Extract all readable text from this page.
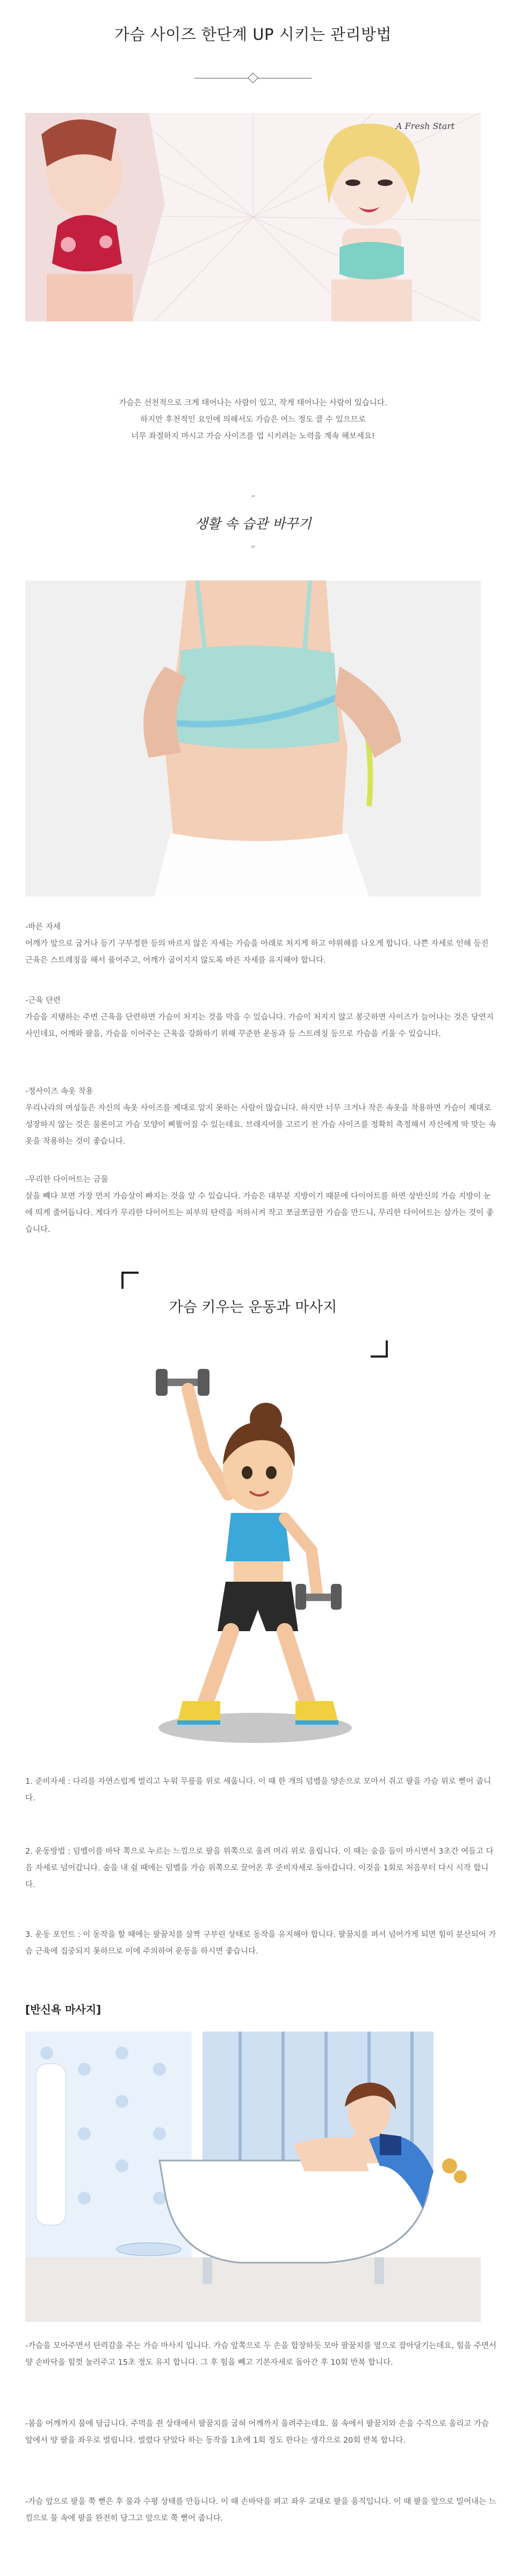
가슴 사이즈 한단계 UP 시키는 관리방법
A Fresh Start
가슴은 선천적으로 크게 태어나는 사람이 있고, 작게 태어나는 사람이 있습니다.
하지만 후천적인 요인에 의해서도 가슴은 어느 정도 클 수 있으므로
너무 좌절하지 마시고 가슴 사이즈를 업 시키려는 노력을 계속 해보세요!
“
생활 속 습관 바꾸기
”
-바른 자세
어깨가 앞으로 굽거나 등기 구부정한 등의 바르지 않은 자세는 가슴을 아래로 처지게 하고 야위해를 나오게 합니다. 나쁜 자세로 인해 등진 근육은 스트레칭을 해서 풀어주고, 어깨가 굽어지지 않도록 바른 자세를 유지해야 합니다.
-근육 단련
가슴을 지탱하는 주변 근육을 단련하면 가슴이 처지는 것을 막을 수 있습니다. 가슴이 처지지 않고 봉긋하면 사이즈가 늘어나는 것은 당연지사인데요, 어깨와 팔을, 가슴을 이어주는 근육을 강화하기 위해 꾸준한 운동과 등 스트레칭 등으로 가슴을 키울 수 있습니다.
-정사이즈 속옷 착용
우리나라의 여성들은 자신의 속옷 사이즈를 제대로 알지 못하는 사람이 많습니다. 하지만 너무 크거나 작은 속옷을 착용하면 가슴이 제대로 성장하지 않는 것은 물론이고 가슴 모양이 삐뚤어질 수 있는데요. 브래지어를 고르기 전 가슴 사이즈를 정확히 측정해서 자신에게 딱 맞는 속옷을 착용하는 것이 좋습니다.
-무리한 다이어트는 금물
살을 빼다 보면 가장 먼저 가슴살이 빠지는 것을 알 수 있습니다. 가슴은 대부분 지방이기 때문에 다이어트를 하면 상반신의 가슴 지방이 눈에 띄게 줄어듭니다. 게다가 무리한 다이어트는 피부의 탄력을 저하시켜 작고 쪼글쪼글한 가슴을 만드니, 무리한 다이어트는 삼가는 것이 좋습니다.
가슴 키우는 운동과 마사지
1. 준비자세 : 다리를 자연스럽게 벌리고 누워 무릎을 위로 세웁니다. 이 때 한 개의 덤벨을 양손으로 모아서 쥐고 팔을 가슴 위로 뻗어 줍니다.
2. 운동방법 : 덤벨이를 바닥 쪽으로 누르는 느낌으로 팔을 위쪽으로 올려 머리 위로 올립니다. 이 때는 숨을 들이 마시면서 3초간 여들고 다음 자세로 넘어갑니다. 숨을 내 쉴 때에는 덤벨을 가슴 위쪽으로 끌어온 후 준비자세로 돌아갑니다. 이것을 1회로 처음부터 다시 시작 합니다.
3. 운동 포인트 : 이 동작을 할 때에는 팔꿈치를 살짝 구부린 상태로 동작을 유지해야 합니다. 팔꿈치를 펴서 넘어가게 되면 힘이 분산되어 가슴 근육에 집중되지 못하므로 이에 주의하여 운동을 하시면 좋습니다.
[반신욕 마사지]
-가슴을 모아주면서 탄력감을 주는 가슴 마사지 입니다. 가슴 앞쪽으로 두 손을 합장하듯 모아 팔꿈치를 옆으로 잡아당기는데요, 힘을 주면서 양 손바닥을 힘껏 눌러주고 15초 정도 유지 합니다. 그 후 힘을 빼고 기본자세로 돌아간 후 10회 반복 합니다.
-몸을 어깨까지 물에 담급니다. 주먹을 쥔 상태에서 팔꿈치를 굽혀 어깨까지 올려주는데요. 물 속에서 팔꿈치와 손을 수직으로 올리고 가슴 앞에서 양 팔을 좌우로 벌립니다. 벌렸다 닫았다 하는 동작을 1초에 1회 정도 한다는 생각으로 20회 반복 합니다.
-가슴 앞으로 팔을 쭉 뻗은 후 물과 수평 상태를 만듭니다. 이 때 손바닥을 펴고 좌우 교대로 팔을 움직입니다. 이 때 팔을 앞으로 밀어내는 느낌으로 물 속에 팔을 완전히 담그고 앞으로 쭉 뻗어 줍니다.
